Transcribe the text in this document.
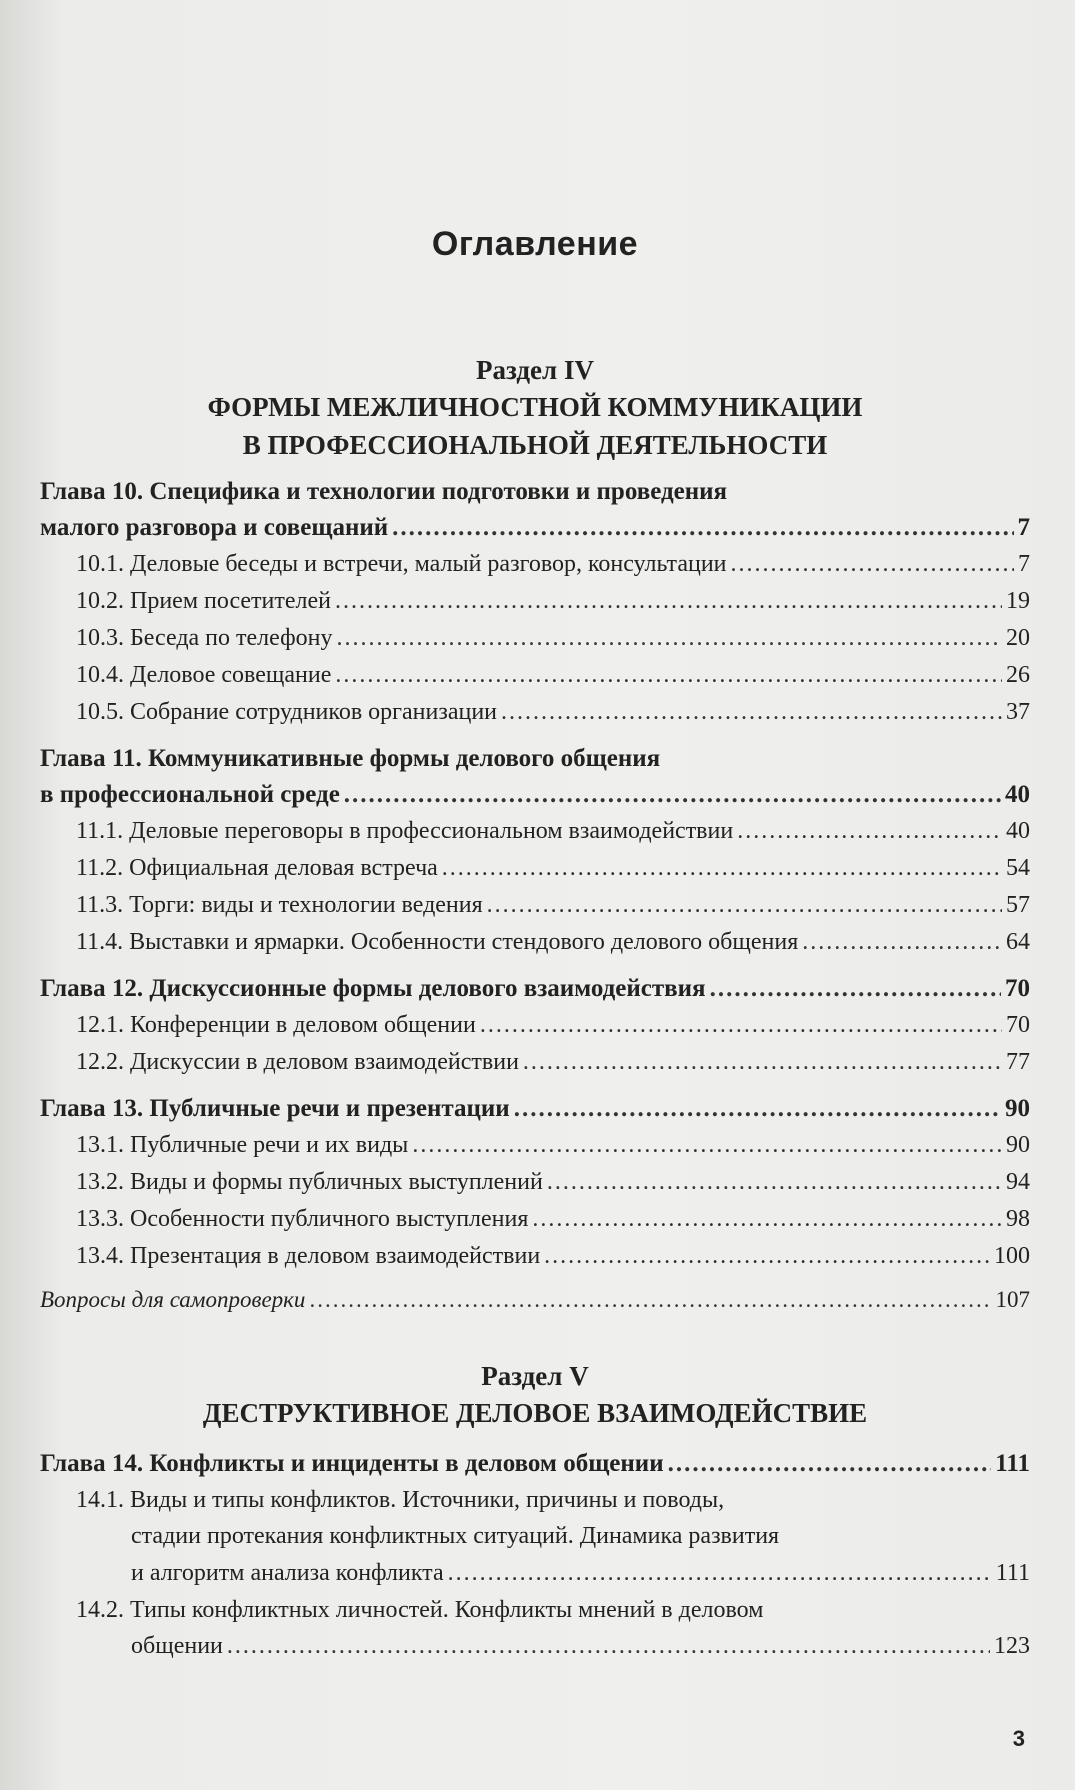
Оглавление
Раздел IV
ФОРМЫ МЕЖЛИЧНОСТНОЙ КОММУНИКАЦИИ
В ПРОФЕССИОНАЛЬНОЙ ДЕЯТЕЛЬНОСТИ
Глава 10. Специфика и технологии подготовки и проведения
малого разговора и совещаний .....	7
10.1. Деловые беседы и встречи, малый разговор, консультации .....	7
10.2. Прием посетителей .....	19
10.3. Беседа по телефону .....	20
10.4. Деловое совещание .....	26
10.5. Собрание сотрудников организации .....	37
Глава 11. Коммуникативные формы делового общения
в профессиональной среде .....	40
11.1. Деловые переговоры в профессиональном взаимодействии .....	40
11.2. Официальная деловая встреча .....	54
11.3. Торги: виды и технологии ведения .....	57
11.4. Выставки и ярмарки. Особенности стендового делового общения .....	64
Глава 12. Дискуссионные формы делового взаимодействия .....	70
12.1. Конференции в деловом общении .....	70
12.2. Дискуссии в деловом взаимодействии .....	77
Глава 13. Публичные речи и презентации .....	90
13.1. Публичные речи и их виды .....	90
13.2. Виды и формы публичных выступлений .....	94
13.3. Особенности публичного выступления .....	98
13.4. Презентация в деловом взаимодействии .....	100
Вопросы для самопроверки .....	107
Раздел V
ДЕСТРУКТИВНОЕ ДЕЛОВОЕ ВЗАИМОДЕЙСТВИЕ
Глава 14. Конфликты и инциденты в деловом общении .....	111
14.1. Виды и типы конфликтов. Источники, причины и поводы,
стадии протекания конфликтных ситуаций. Динамика развития
и алгоритм анализа конфликта .....	111
14.2. Типы конфликтных личностей. Конфликты мнений в деловом
общении .....	123
3
